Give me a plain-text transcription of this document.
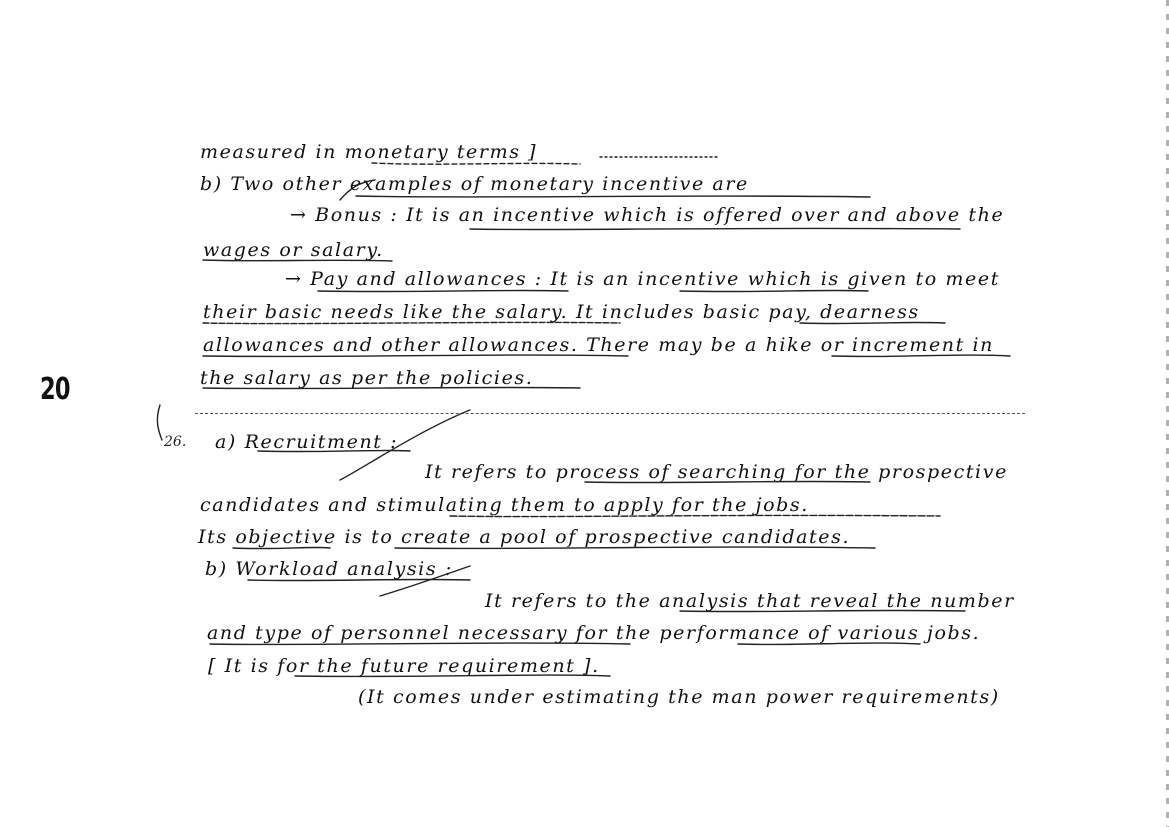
20
26.
measured in monetary terms ]
b) Two other examples of monetary incentive are
→ Bonus : It is an incentive which is offered over and above the
wages or salary.
→ Pay and allowances : It is an incentive which is given to meet
their basic needs like the salary. It includes basic pay, dearness
allowances and other allowances. There may be a hike or increment in
the salary as per the policies.
a) Recruitment :
It refers to process of searching for the prospective
candidates and stimulating them to apply for the jobs.
Its objective is to create a pool of prospective candidates.
b) Workload analysis :
It refers to the analysis that reveal the number
and type of personnel necessary for the performance of various jobs.
[ It is for the future requirement ].
(It comes under estimating the man power requirements)
